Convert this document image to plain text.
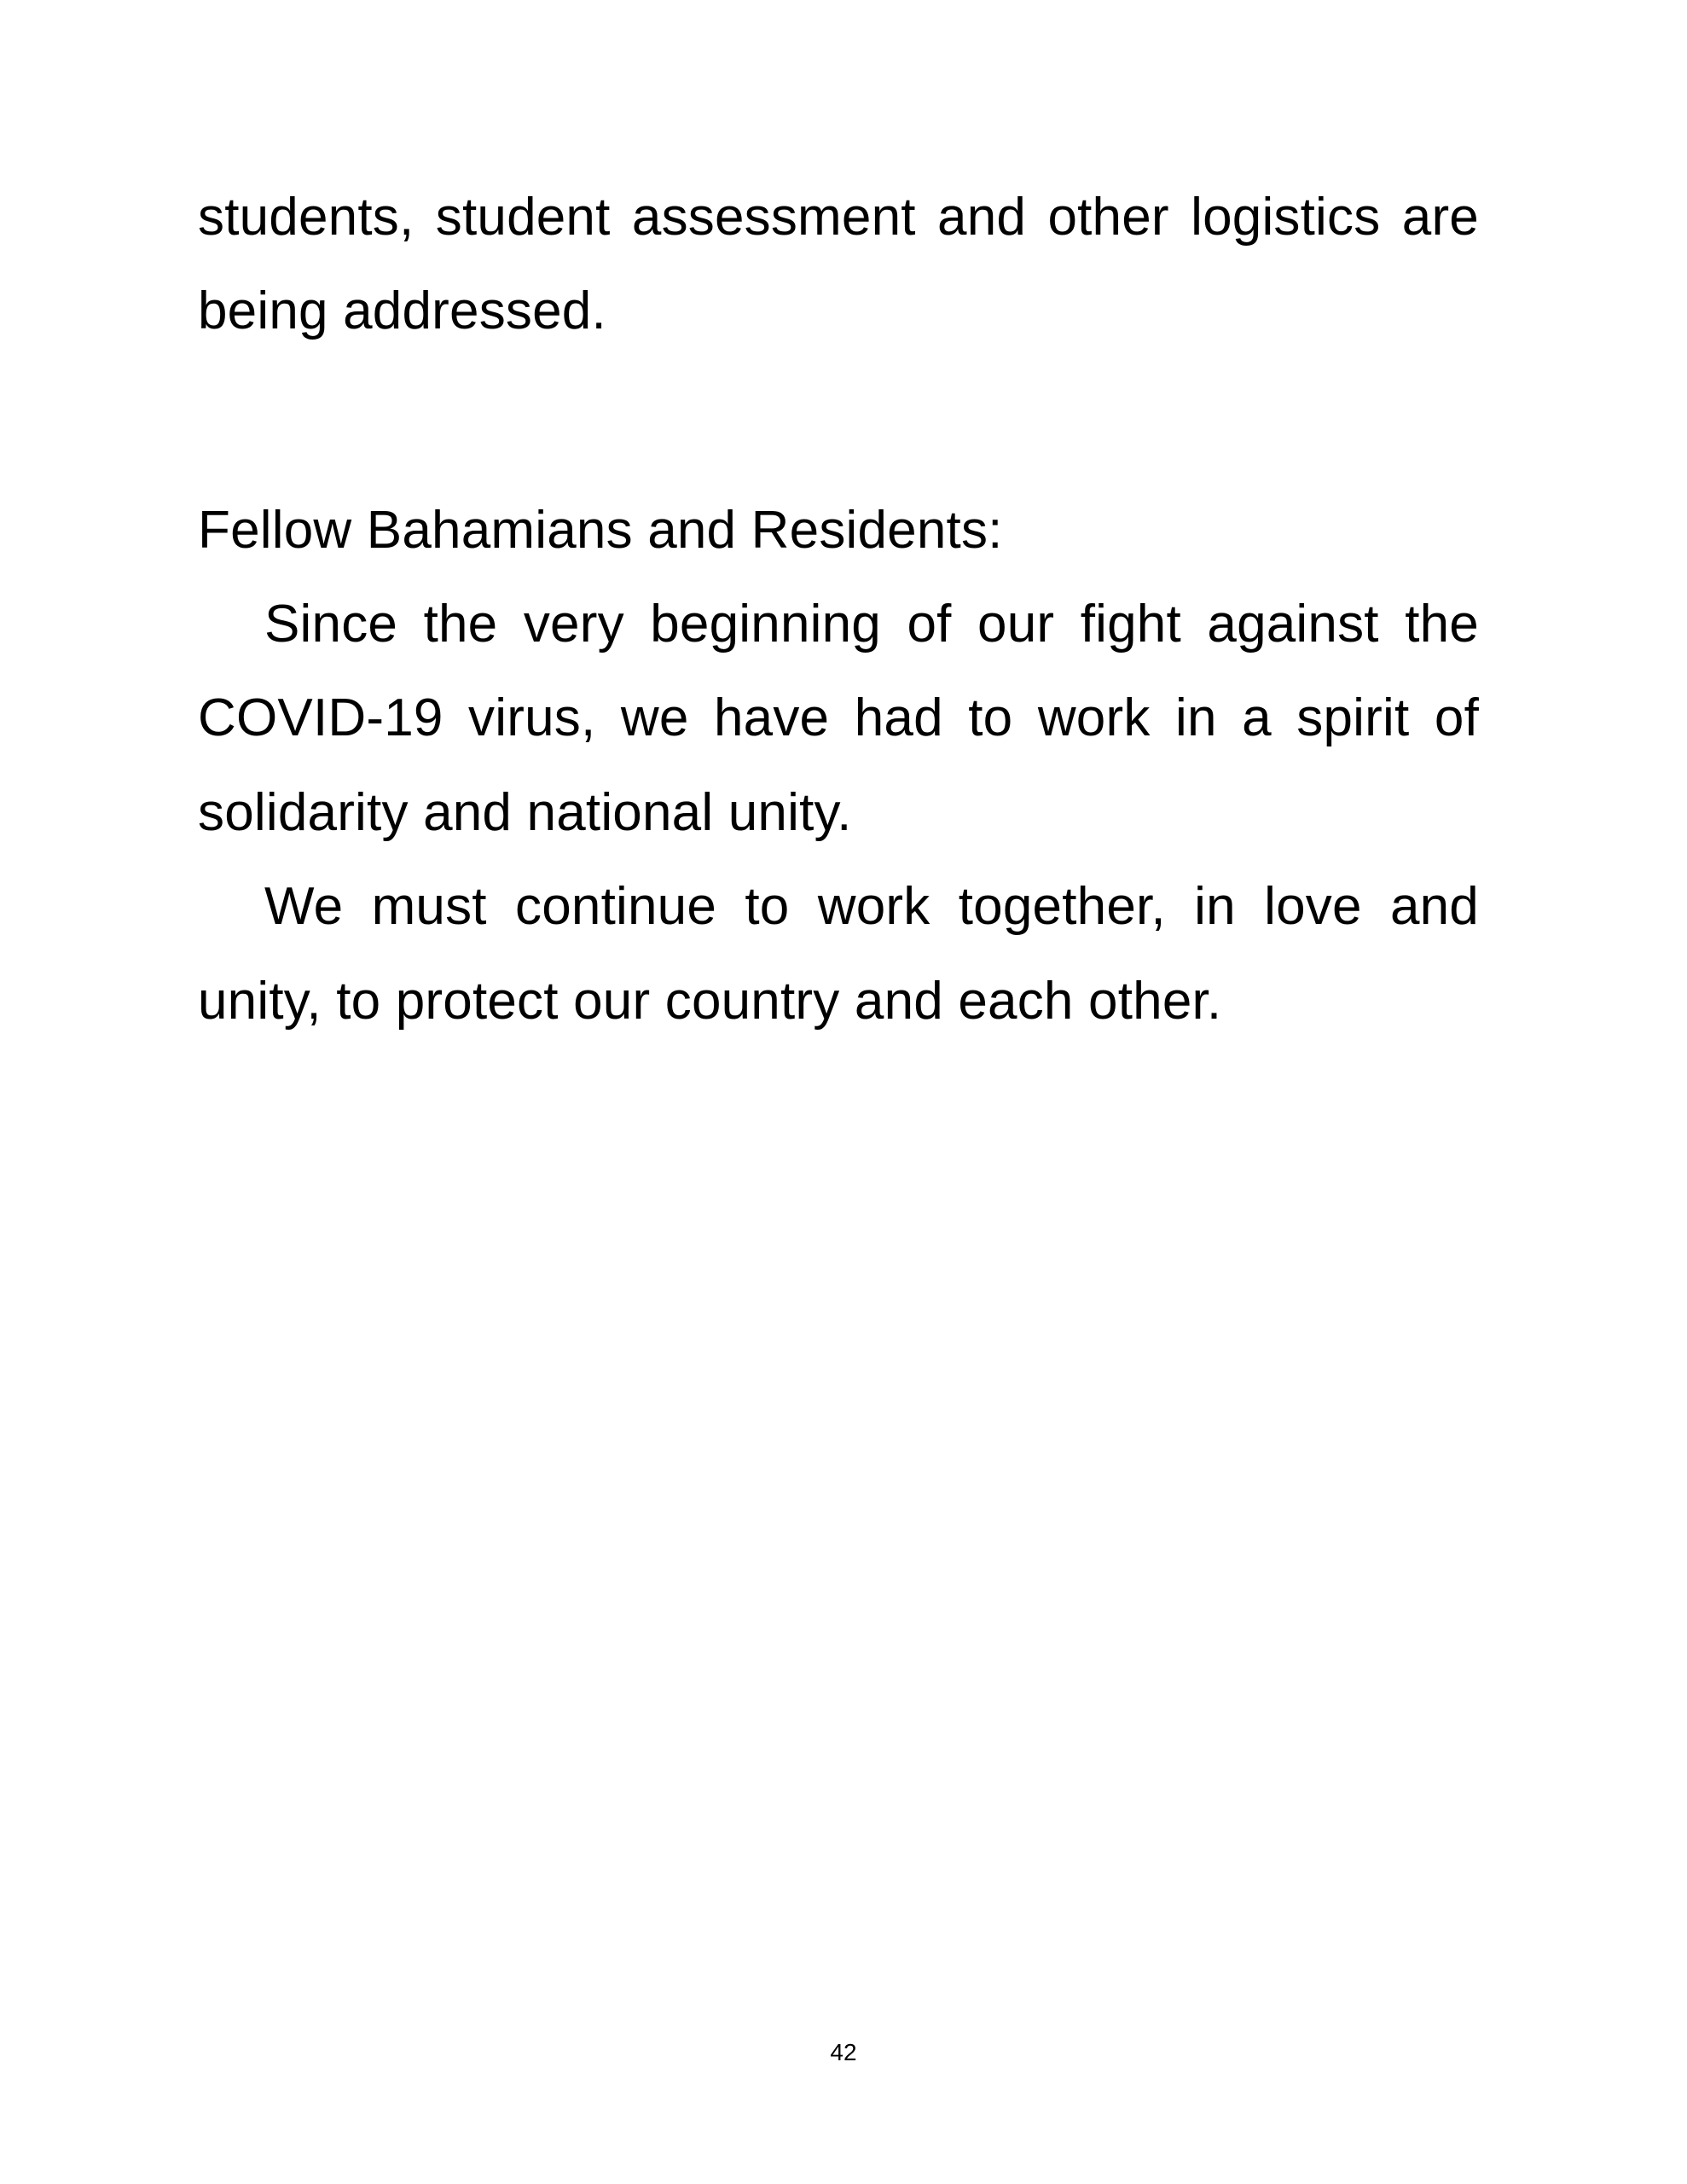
students, student assessment and other logistics are being addressed.

Fellow Bahamians and Residents:

Since the very beginning of our fight against the COVID-19 virus, we have had to work in a spirit of solidarity and national unity.

We must continue to work together, in love and unity, to protect our country and each other.

42
